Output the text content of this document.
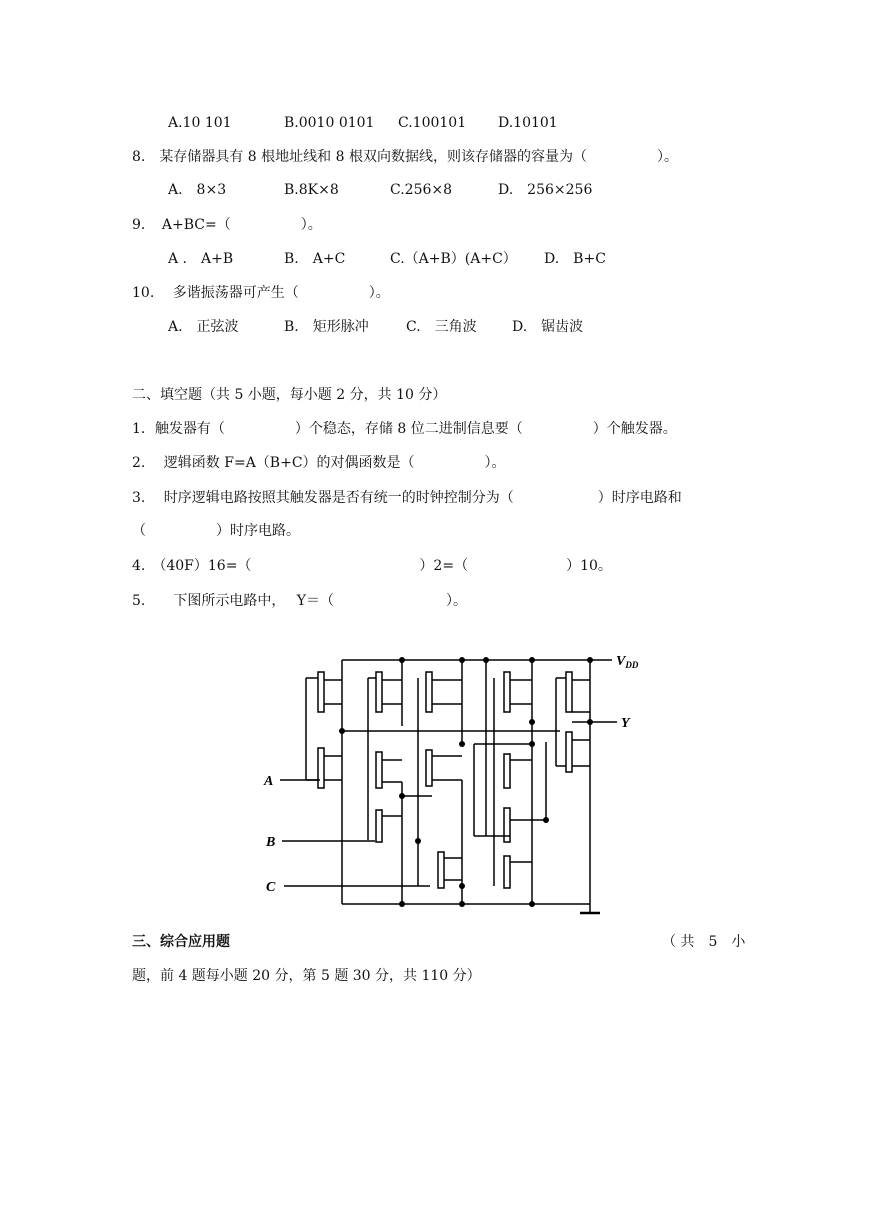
A.10 101	B.0010 0101 C.100101 D.10101
8.　某存储器具有 8 根地址线和 8 根双向数据线，则该存储器的容量为（　　　　　）。
A.　8×3	B.8K×8	C.256×8	D.　256×256
9．　A+BC=（　　　　　）。
A .　A+B	B.　A+C	C.（A+B）(A+C） D.　B+C
10.　 多谐振荡器可产生（　　　　　）。
A.　正弦波	B.　矩形脉冲	C.　三角波	D.　锯齿波
二、填空题（共 5 小题，每小题 2 分，共 10 分）
1．触发器有（　　　　　）个稳态，存储 8 位二进制信息要（　　　　　）个触发器。
2.　 逻辑函数 F=A（B+C）的对偶函数是（　　　　　）。
3.　 时序逻辑电路按照其触发器是否有统一的时钟控制分为（　　　　　　）时序电路和
（　　　　　）时序电路。
4.　（40F）16=（　　　　　　　　　　　　）2=（　　　　　　　）10。
5.　　下图所示电路中，　 Y＝（　　　　　　　　）。
$V_{DD}$
Y
A
B
C
三、综合应用题	（ 共　5　小
题，前 4 题每小题 20 分，第 5 题 30 分，共 110 分）
